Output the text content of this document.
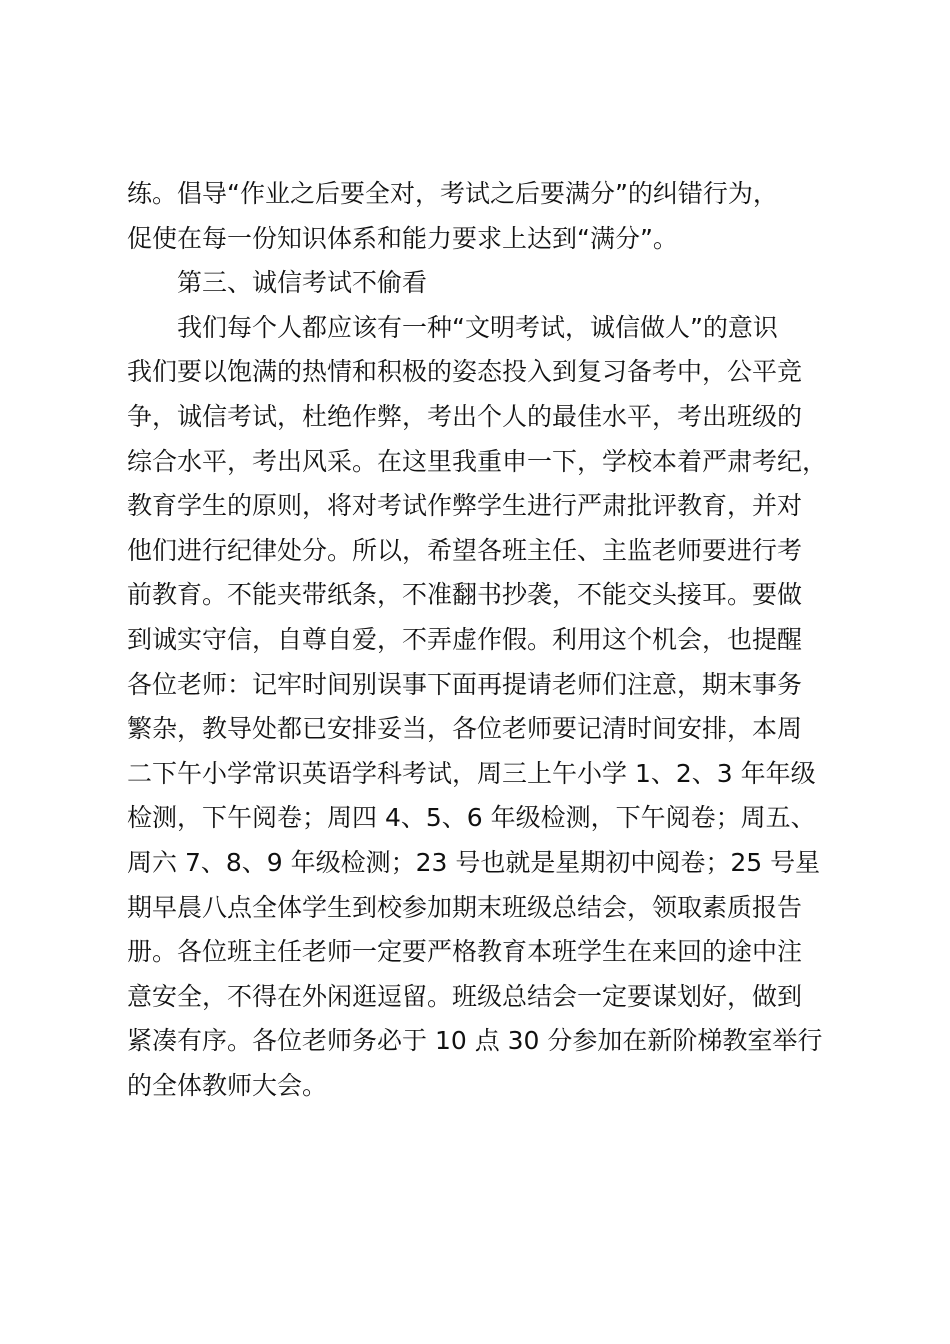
练。倡导“作业之后要全对，考试之后要满分”的纠错行为，
促使在每一份知识体系和能力要求上达到“满分”。
第三、诚信考试不偷看
我们每个人都应该有一种“文明考试，诚信做人”的意识
我们要以饱满的热情和积极的姿态投入到复习备考中，公平竞
争，诚信考试，杜绝作弊，考出个人的最佳水平，考出班级的
综合水平，考出风采。在这里我重申一下，学校本着严肃考纪，
教育学生的原则，将对考试作弊学生进行严肃批评教育，并对
他们进行纪律处分。所以，希望各班主任、主监老师要进行考
前教育。不能夹带纸条，不准翻书抄袭，不能交头接耳。要做
到诚实守信，自尊自爱，不弄虚作假。利用这个机会，也提醒
各位老师：记牢时间别误事下面再提请老师们注意，期末事务
繁杂，教导处都已安排妥当，各位老师要记清时间安排，本周
二下午小学常识英语学科考试，周三上午小学 1、2、3 年年级
检测，下午阅卷；周四 4、5、6 年级检测，下午阅卷；周五、
周六 7、8、9 年级检测；23 号也就是星期初中阅卷；25 号星
期早晨八点全体学生到校参加期末班级总结会，领取素质报告
册。各位班主任老师一定要严格教育本班学生在来回的途中注
意安全，不得在外闲逛逗留。班级总结会一定要谋划好，做到
紧凑有序。各位老师务必于 10 点 30 分参加在新阶梯教室举行
的全体教师大会。
